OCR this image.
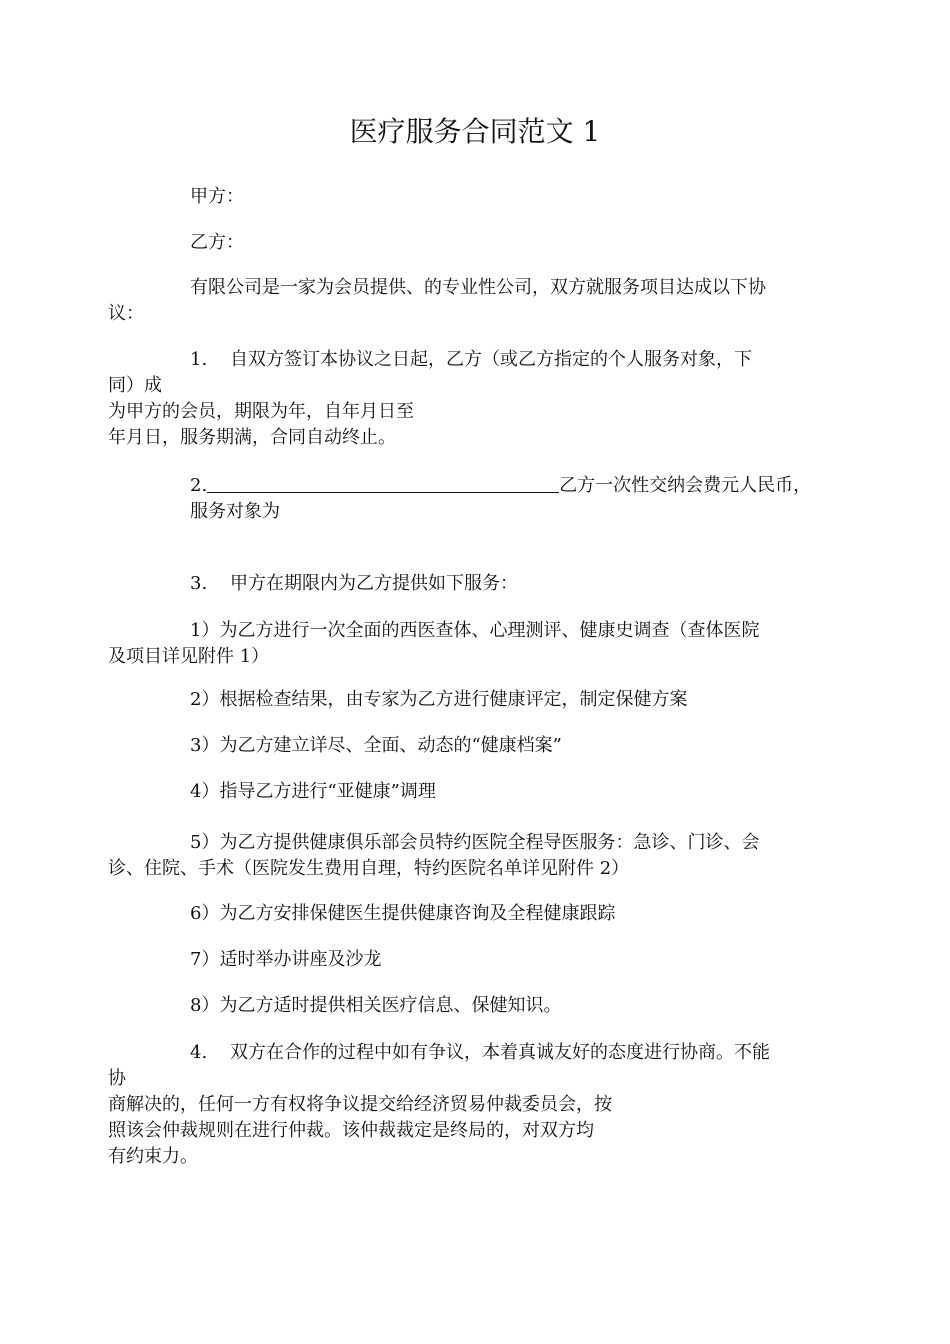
医疗服务合同范文 1

甲方：

乙方：

有限公司是一家为会员提供、的专业性公司，双方就服务项目达成以下协

议：

1. 自双方签订本协议之日起，乙方（或乙方指定的个人服务对象，下

同）成

为甲方的会员，期限为年，自年月日至

年月日，服务期满，合同自动终止。

2.	乙方一次性交纳会费元人民币，

服务对象为

3. 甲方在期限内为乙方提供如下服务：

1）为乙方进行一次全面的西医查体、心理测评、健康史调查（查体医院

及项目详见附件 1）

2）根据检查结果，由专家为乙方进行健康评定，制定保健方案

3）为乙方建立详尽、全面、动态的“健康档案”

4）指导乙方进行“亚健康”调理

5）为乙方提供健康俱乐部会员特约医院全程导医服务：急诊、门诊、会

诊、住院、手术（医院发生费用自理，特约医院名单详见附件 2）

6）为乙方安排保健医生提供健康咨询及全程健康跟踪

7）适时举办讲座及沙龙

8）为乙方适时提供相关医疗信息、保健知识。

4. 双方在合作的过程中如有争议，本着真诚友好的态度进行协商。不能

协

商解决的，任何一方有权将争议提交给经济贸易仲裁委员会，按

照该会仲裁规则在进行仲裁。该仲裁裁定是终局的，对双方均

有约束力。
